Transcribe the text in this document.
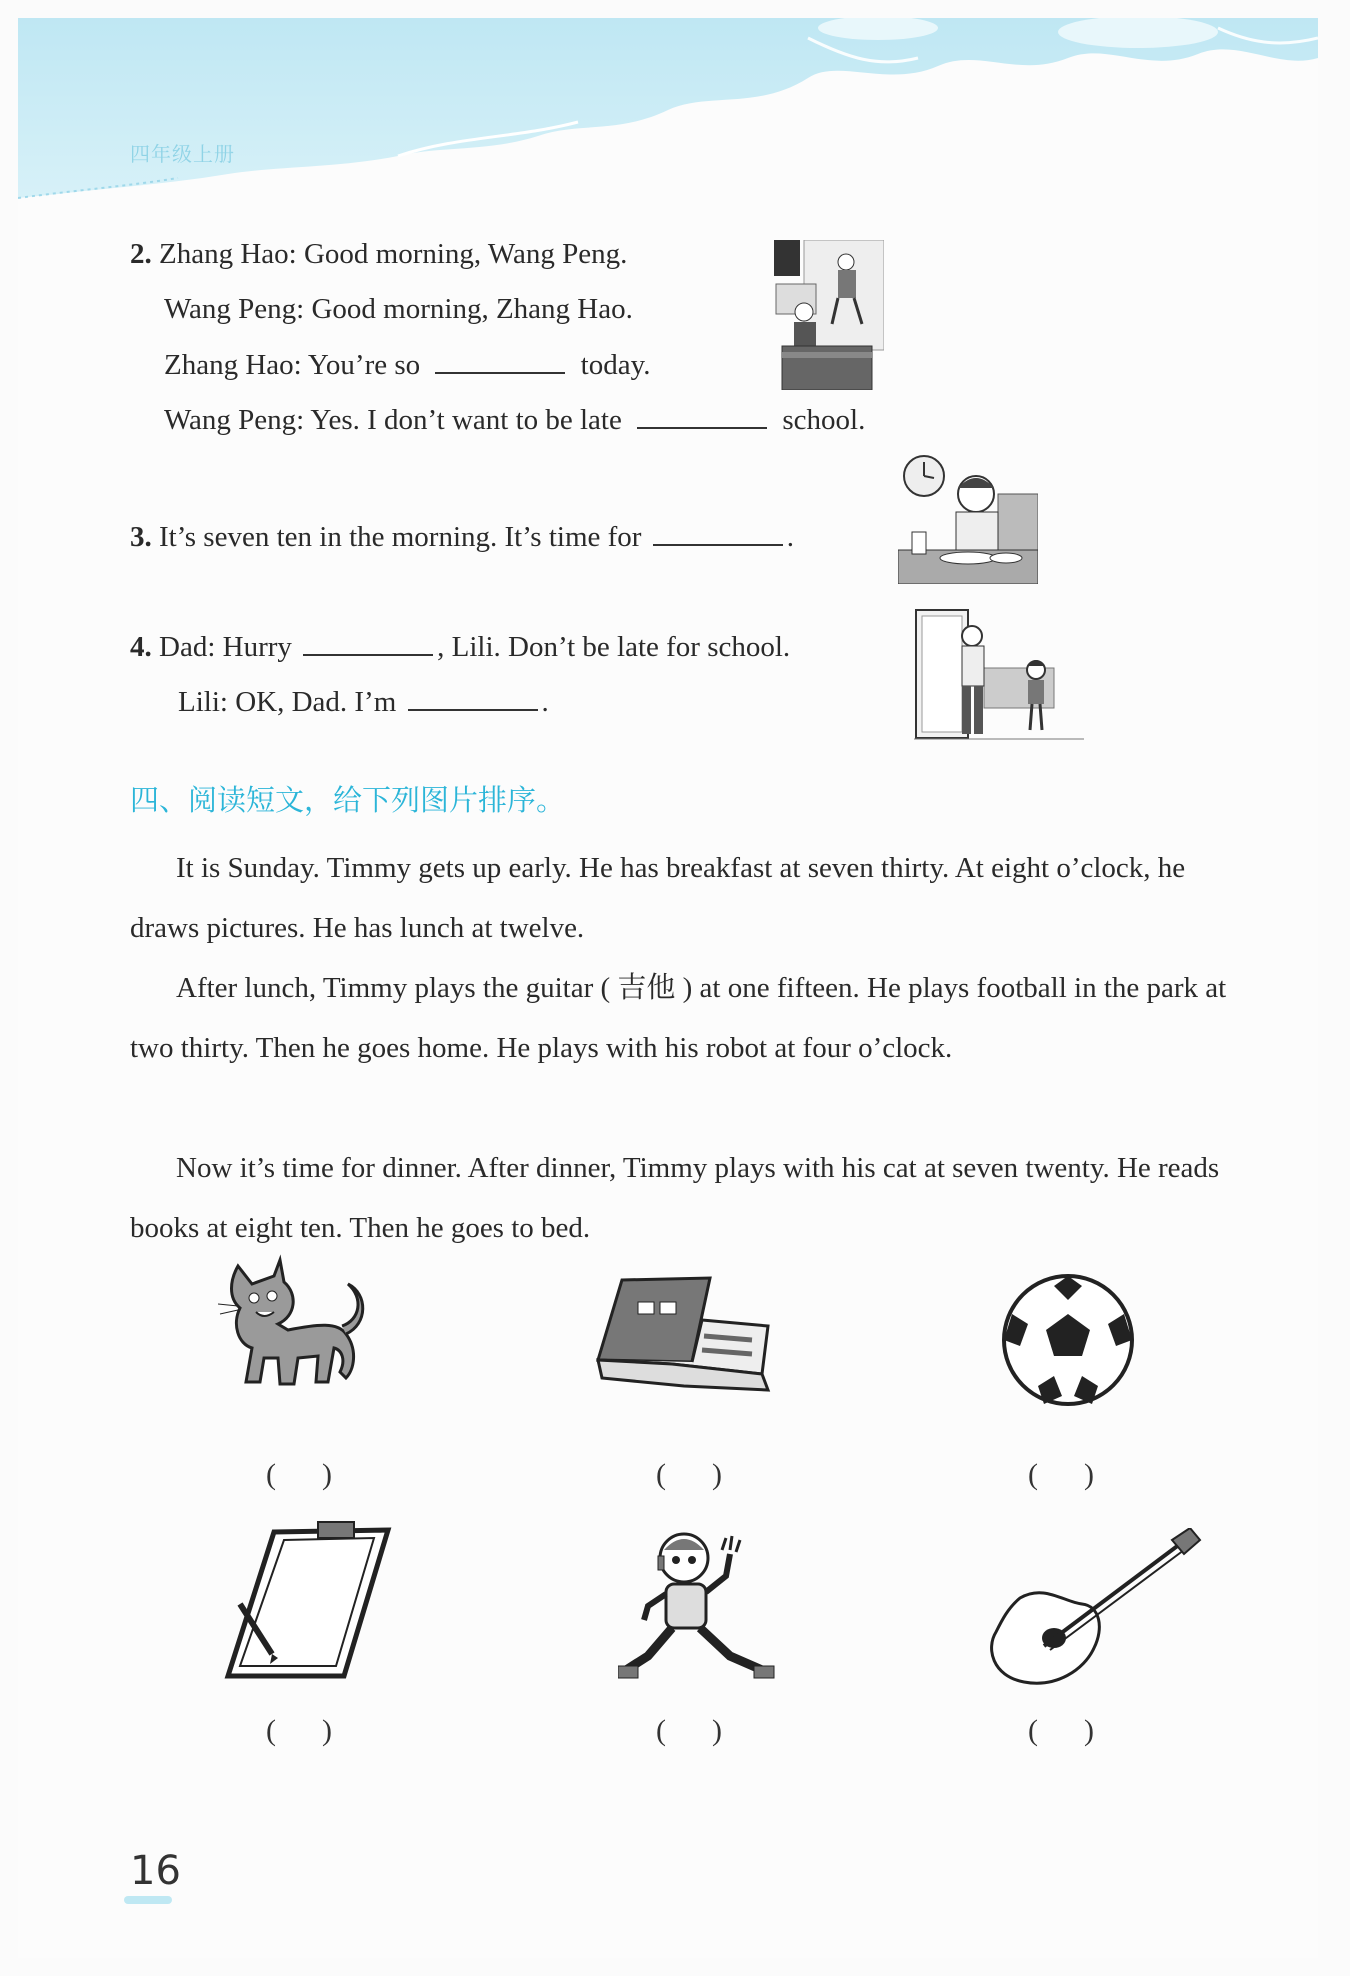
四年级上册
2. Zhang Hao: Good morning, Wang Peng.
Wang Peng: Good morning, Zhang Hao.
Zhang Hao: You’re so	today.
Wang Peng: Yes. I don’t want to be late	school.
3. It’s seven ten in the morning. It’s time for	.
4. Dad: Hurry	, Lili. Don’t be late for school.
Lili: OK, Dad. I’m	.
四、阅读短文，给下列图片排序。
It is Sunday. Timmy gets up early. He has breakfast at seven thirty. At eight o’clock, he draws pictures. He has lunch at twelve.
After lunch, Timmy plays the guitar ( 吉他 ) at one fifteen. He plays football in the park at two thirty. Then he goes home. He plays with his robot at four o’clock.
Now it’s time for dinner. After dinner, Timmy plays with his cat at seven twenty. He reads books at eight ten. Then he goes to bed.
( )	( )	( )
( )	( )	( )
16
